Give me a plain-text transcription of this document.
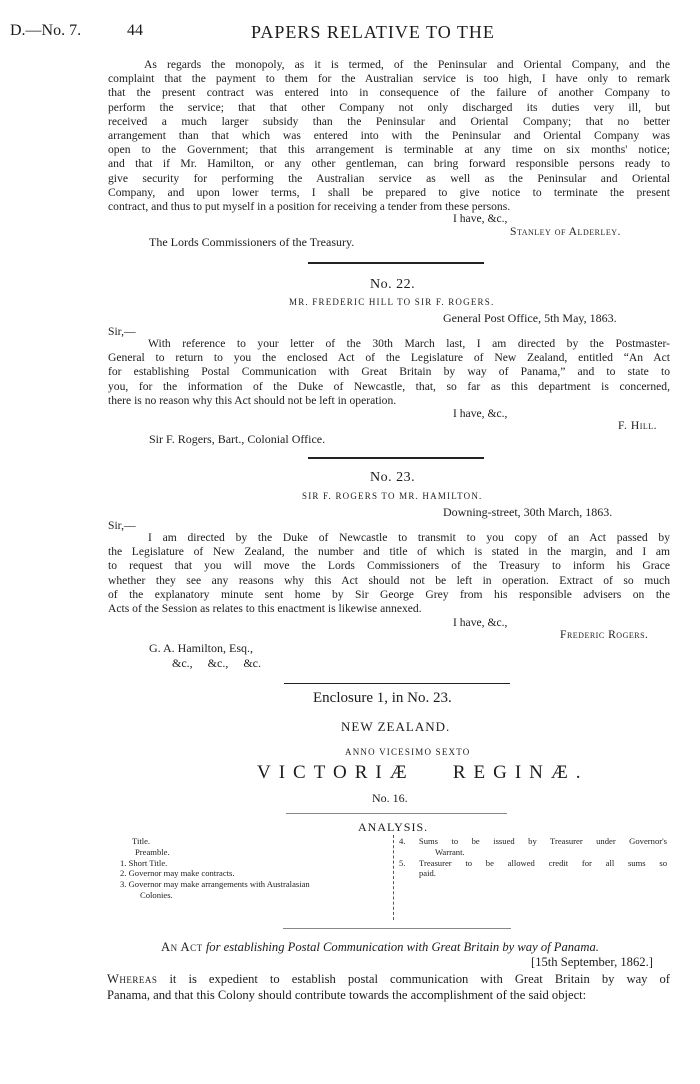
D.—No. 7.	44	PAPERS RELATIVE TO THE
As regards the monopoly, as it is termed, of the Peninsular and Oriental Company, and the
complaint that the payment to them for the Australian service is too high, I have only to remark
that the present contract was entered into in consequence of the failure of another Company to
perform the service; that that other Company not only discharged its duties very ill, but
received a much larger subsidy than the Peninsular and Oriental Company; that no better
arrangement than that which was entered into with the Peninsular and Oriental Company was
open to the Government; that this arrangement is terminable at any time on six months' notice;
and that if Mr. Hamilton, or any other gentleman, can bring forward responsible persons ready to
give security for performing the Australian service as well as the Peninsular and Oriental
Company, and upon lower terms, I shall be prepared to give notice to terminate the present
contract, and thus to put myself in a position for receiving a tender from these persons.
I have, &c.,
Stanley of Alderley.
The Lords Commissioners of the Treasury.
No. 22.
MR. FREDERIC HILL TO SIR F. ROGERS.
General Post Office, 5th May, 1863.
Sir,—
With reference to your letter of the 30th March last, I am directed by the Postmaster-
General to return to you the enclosed Act of the Legislature of New Zealand, entitled “An Act
for establishing Postal Communication with Great Britain by way of Panama,” and to state to
you, for the information of the Duke of Newcastle, that, so far as this department is concerned,
there is no reason why this Act should not be left in operation.
I have, &c.,
F. Hill.
Sir F. Rogers, Bart., Colonial Office.
No. 23.
SIR F. ROGERS TO MR. HAMILTON.
Downing-street, 30th March, 1863.
Sir,—
I am directed by the Duke of Newcastle to transmit to you copy of an Act passed by
the Legislature of New Zealand, the number and title of which is stated in the margin, and I am
to request that you will move the Lords Commissioners of the Treasury to inform his Grace
whether they see any reasons why this Act should not be left in operation. Extract of so much
of the explanatory minute sent home by Sir George Grey from his responsible advisers on the
Acts of the Session as relates to this enactment is likewise annexed.
I have, &c.,
Frederic Rogers.
G. A. Hamilton, Esq.,
&c.,     &c.,     &c.
Enclosure 1, in No. 23.
NEW ZEALAND.
ANNO VICESIMO SEXTO
VICTORIÆ   REGINÆ.
No. 16.
ANALYSIS.
Title.
Preamble.
1. Short Title.
2. Governor may make contracts.
3. Governor may make arrangements with Australasian
Colonies.
4. Sums to be issued by Treasurer under Governor's
Warrant.
5. Treasurer to be allowed credit for all sums so
paid.
An Act for establishing Postal Communication with Great Britain by way of Panama.
[15th September, 1862.]
Whereas it is expedient to establish postal communication with Great Britain by way of
Panama, and that this Colony should contribute towards the accomplishment of the said object:
